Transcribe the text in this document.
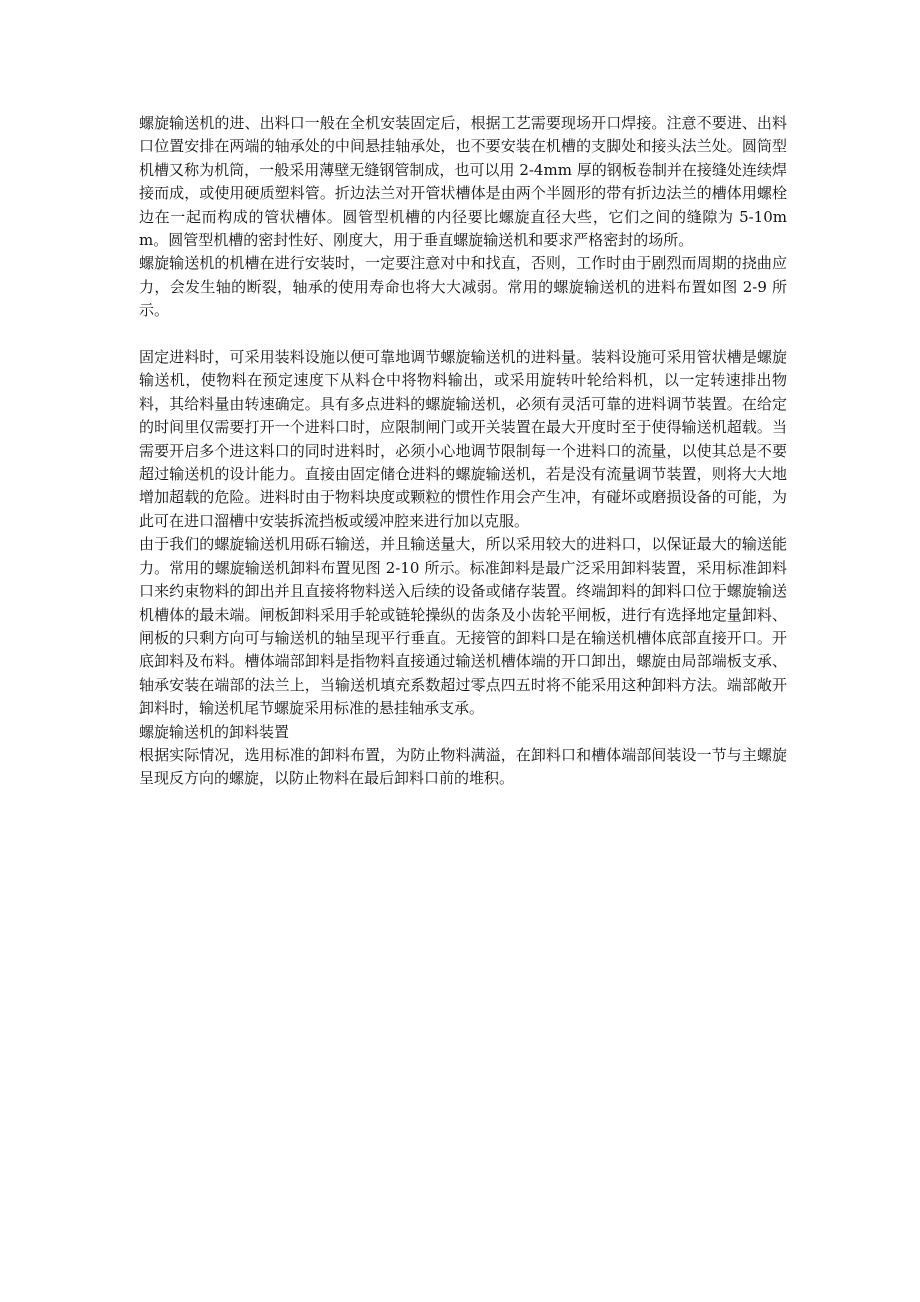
螺旋输送机的进、出料口一般在全机安装固定后，根据工艺需要现场开口焊接。注意不要进、出料口位置安排在两端的轴承处的中间悬挂轴承处，也不要安装在机槽的支脚处和接头法兰处。圆筒型机槽又称为机筒，一般采用薄壁无缝钢管制成，也可以用 2-4mm 厚的钢板卷制并在接缝处连续焊接而成，或使用硬质塑料管。折边法兰对开管状槽体是由两个半圆形的带有折边法兰的槽体用螺栓边在一起而构成的管状槽体。圆管型机槽的内径要比螺旋直径大些，它们之间的缝隙为 5-10mm。圆管型机槽的密封性好、刚度大，用于垂直螺旋输送机和要求严格密封的场所。

螺旋输送机的机槽在进行安装时，一定要注意对中和找直，否则，工作时由于剧烈而周期的挠曲应力，会发生轴的断裂，轴承的使用寿命也将大大减弱。常用的螺旋输送机的进料布置如图 2-9 所示。

固定进料时，可采用装料设施以便可靠地调节螺旋输送机的进料量。装料设施可采用管状槽是螺旋输送机，使物料在预定速度下从料仓中将物料输出，或采用旋转叶轮给料机，以一定转速排出物料，其给料量由转速确定。具有多点进料的螺旋输送机，必须有灵活可靠的进料调节装置。在给定的时间里仅需要打开一个进料口时，应限制闸门或开关装置在最大开度时至于使得输送机超载。当需要开启多个进这料口的同时进料时，必须小心地调节限制每一个进料口的流量，以使其总是不要超过输送机的设计能力。直接由固定储仓进料的螺旋输送机，若是没有流量调节装置，则将大大地增加超载的危险。进料时由于物料块度或颗粒的惯性作用会产生冲，有碰坏或磨损设备的可能，为此可在进口溜槽中安装拆流挡板或缓冲腔来进行加以克服。

由于我们的螺旋输送机用砾石输送，并且输送量大，所以采用较大的进料口，以保证最大的输送能力。常用的螺旋输送机卸料布置见图 2-10 所示。标准卸料是最广泛采用卸料装置，采用标准卸料口来约束物料的卸出并且直接将物料送入后续的设备或储存装置。终端卸料的卸料口位于螺旋输送机槽体的最未端。闸板卸料采用手轮或链轮操纵的齿条及小齿轮平闸板，进行有选择地定量卸料、闸板的只剩方向可与输送机的轴呈现平行垂直。无接管的卸料口是在输送机槽体底部直接开口。开底卸料及布料。槽体端部卸料是指物料直接通过输送机槽体端的开口卸出，螺旋由局部端板支承、轴承安装在端部的法兰上，当输送机填充系数超过零点四五时将不能采用这种卸料方法。端部敞开卸料时，输送机尾节螺旋采用标准的悬挂轴承支承。

螺旋输送机的卸料装置

根据实际情况，选用标准的卸料布置，为防止物料满溢，在卸料口和槽体端部间装设一节与主螺旋呈现反方向的螺旋，以防止物料在最后卸料口前的堆积。
